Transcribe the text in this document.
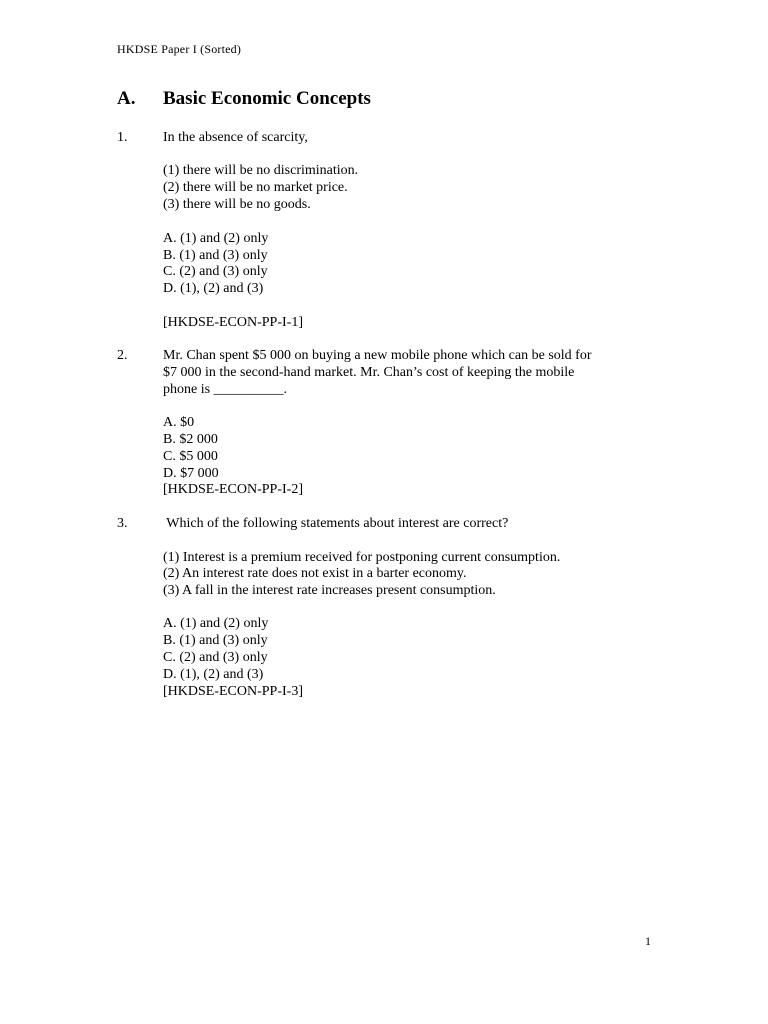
HKDSE Paper I (Sorted)
A. Basic Economic Concepts
1.	In the absence of scarcity,
(1) there will be no discrimination.
(2) there will be no market price.
(3) there will be no goods.
A. (1) and (2) only
B. (1) and (3) only
C. (2) and (3) only
D. (1), (2) and (3)
[HKDSE-ECON-PP-I-1]
2.	Mr. Chan spent $5 000 on buying a new mobile phone which can be sold for
$7 000 in the second-hand market. Mr. Chan’s cost of keeping the mobile
phone is __________.
A. $0
B. $2 000
C. $5 000
D. $7 000
[HKDSE-ECON-PP-I-2]
3.	Which of the following statements about interest are correct?
(1) Interest is a premium received for postponing current consumption.
(2) An interest rate does not exist in a barter economy.
(3) A fall in the interest rate increases present consumption.
A. (1) and (2) only
B. (1) and (3) only
C. (2) and (3) only
D. (1), (2) and (3)
[HKDSE-ECON-PP-I-3]
1
